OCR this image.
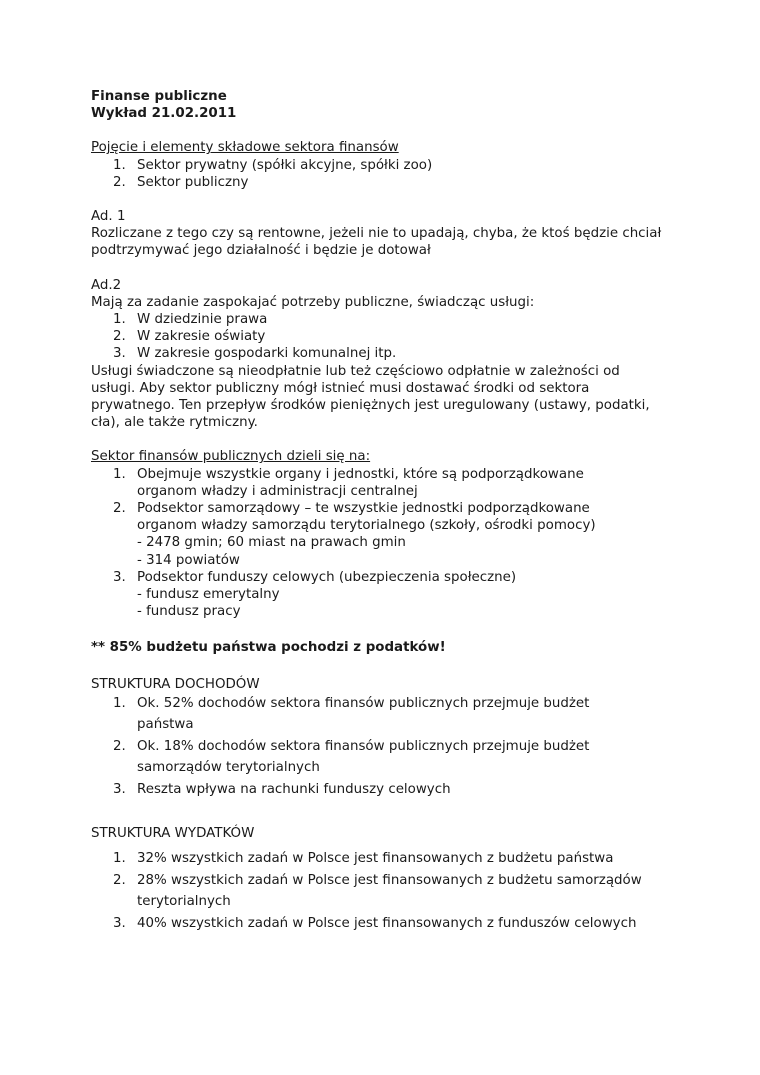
Finanse publiczne

Wykład 21.02.2011

Pojęcie i elementy składowe sektora finansów

1. Sektor prywatny (spółki akcyjne, spółki zoo)
2. Sektor publiczny

Ad. 1

Rozliczane z tego czy są rentowne, jeżeli nie to upadają, chyba, że ktoś będzie chciał podtrzymywać jego działalność i będzie je dotował

Ad.2

Mają za zadanie zaspokajać potrzeby publiczne, świadcząc usługi:

1. W dziedzinie prawa
2. W zakresie oświaty
3. W zakresie gospodarki komunalnej itp.

Usługi świadczone są nieodpłatnie lub też częściowo odpłatnie w zależności od usługi. Aby sektor publiczny mógł istnieć musi dostawać środki od sektora prywatnego. Ten przepływ środków pieniężnych jest uregulowany (ustawy, podatki, cła), ale także rytmiczny.

Sektor finansów publicznych dzieli się na:

1. Obejmuje wszystkie organy i jednostki, które są podporządkowane organom władzy i administracji centralnej
2. Podsektor samorządowy – te wszystkie jednostki podporządkowane organom władzy samorządu terytorialnego (szkoły, ośrodki pomocy)
- 2478 gmin; 60 miast na prawach gmin
- 314 powiatów
3. Podsektor funduszy celowych (ubezpieczenia społeczne)
- fundusz emerytalny
- fundusz pracy

** 85% budżetu państwa pochodzi z podatków!

STRUKTURA DOCHODÓW

1. Ok. 52% dochodów sektora finansów publicznych przejmuje budżet państwa
2. Ok. 18% dochodów sektora finansów publicznych przejmuje budżet samorządów terytorialnych
3. Reszta wpływa na rachunki funduszy celowych

STRUKTURA WYDATKÓW

1. 32% wszystkich zadań w Polsce jest finansowanych z budżetu państwa
2. 28% wszystkich zadań w Polsce jest finansowanych z budżetu samorządów terytorialnych
3. 40% wszystkich zadań w Polsce jest finansowanych z funduszów celowych
